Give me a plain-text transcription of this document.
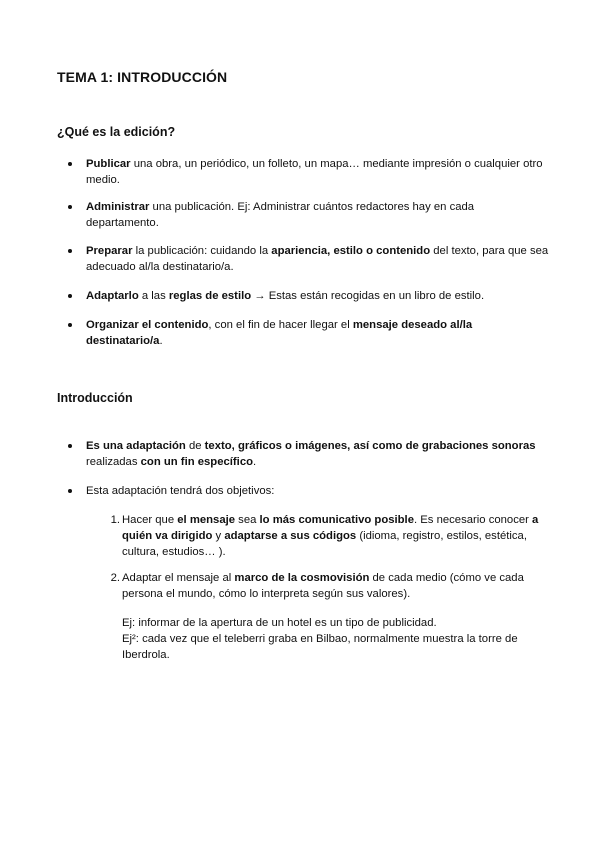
TEMA 1: INTRODUCCIÓN
¿Qué es la edición?
Publicar una obra, un periódico, un folleto, un mapa… mediante impresión o cualquier otro
medio.
Administrar una publicación. Ej: Administrar cuántos redactores hay en cada
departamento.
Preparar la publicación: cuidando la apariencia, estilo o contenido del texto, para que sea
adecuado al/la destinatario/a.
Adaptarlo a las reglas de estilo → Estas están recogidas en un libro de estilo.
Organizar el contenido, con el fin de hacer llegar el mensaje deseado al/la
destinatario/a.
Introducción
Es una adaptación de texto, gráficos o imágenes, así como de grabaciones sonoras
realizadas con un fin específico.
Esta adaptación tendrá dos objetivos:
1. Hacer que el mensaje sea lo más comunicativo posible. Es necesario conocer a
quién va dirigido y adaptarse a sus códigos (idioma, registro, estilos, estética,
cultura, estudios… ).
2. Adaptar el mensaje al marco de la cosmovisión de cada medio (cómo ve cada
persona el mundo, cómo lo interpreta según sus valores).
Ej: informar de la apertura de un hotel es un tipo de publicidad.
Ej²: cada vez que el teleberri graba en Bilbao, normalmente muestra la torre de
Iberdrola.
